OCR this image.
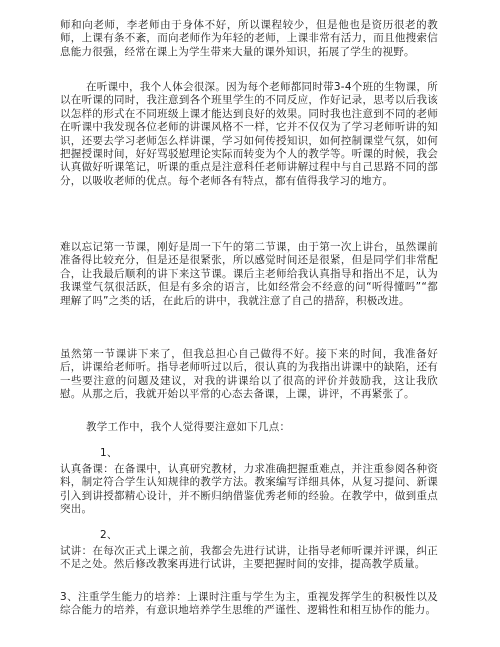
师和向老师，李老师由于身体不好，所以课程较少，但是他也是资历很老的教师，上课有条不紊，而向老师作为年轻的老师，上课非常有活力，而且他搜索信息能力很强，经常在课上为学生带来大量的课外知识，拓展了学生的视野。

在听课中，我个人体会很深。因为每个老师都同时带3-4个班的生物课，所以在听课的同时，我注意到各个班里学生的不同反应，作好记录，思考以后我该以怎样的形式在不同班级上课才能达到良好的效果。同时我也注意到不同的老师在听课中我发现各位老师的讲课风格不一样，它并不仅仅为了学习老师听讲的知识，还要去学习老师怎么样讲课，学习如何传授知识，如何控制课堂气氛，如何把握授课时间，好好骂驳慰理论实际而转变为个人的教学等。听课的时候，我会认真做好听课笔记，听课的重点是注意科任老师讲解过程中与自己思路不同的部分，以吸收老师的优点。每个老师各有特点，都有值得我学习的地方。

难以忘记第一节课，刚好是周一下午的第二节课，由于第一次上讲台，虽然课前准备得比较充分，但是还是很紧张，所以感觉时间还是很紧，但是同学们非常配合，让我最后顺利的讲下来这节课。课后主老师给我认真指导和指出不足，认为我课堂气氛很活跃，但是有多余的语言，比如经常会不经意的问“听得懂吗”“都理解了吗”之类的话，在此后的讲中，我就注意了自己的措辞，积极改进。

虽然第一节课讲下来了，但我总担心自己做得不好。接下来的时间，我准备好后，讲课给老师听。指导老师听过以后，很认真的为我指出讲课中的缺陷，还有一些要注意的问题及建议，对我的讲课给以了很高的评价并鼓励我，这让我欣慰。从那之后，我就开始以平常的心态去备课，上课，讲评，不再紧张了。

教学工作中，我个人觉得要注意如下几点：

1、

认真备课：在备课中，认真研究教材，力求准确把握重难点，并注重参阅各种资料，制定符合学生认知规律的教学方法。教案编写详细具体，从复习提问、新课引入到讲授都精心设计，并不断归纳借鉴优秀老师的经验。在教学中，做到重点突出。

2、

试讲：在每次正式上课之前，我都会先进行试讲，让指导老师听课并评课，纠正不足之处。然后修改教案再进行试讲，主要把握时间的安排，提高教学质量。

3、注重学生能力的培养：上课时注重与学生为主，重视发挥学生的积极性以及综合能力的培养，有意识地培养学生思维的严谨性、逻辑性和相互协作的能力。
